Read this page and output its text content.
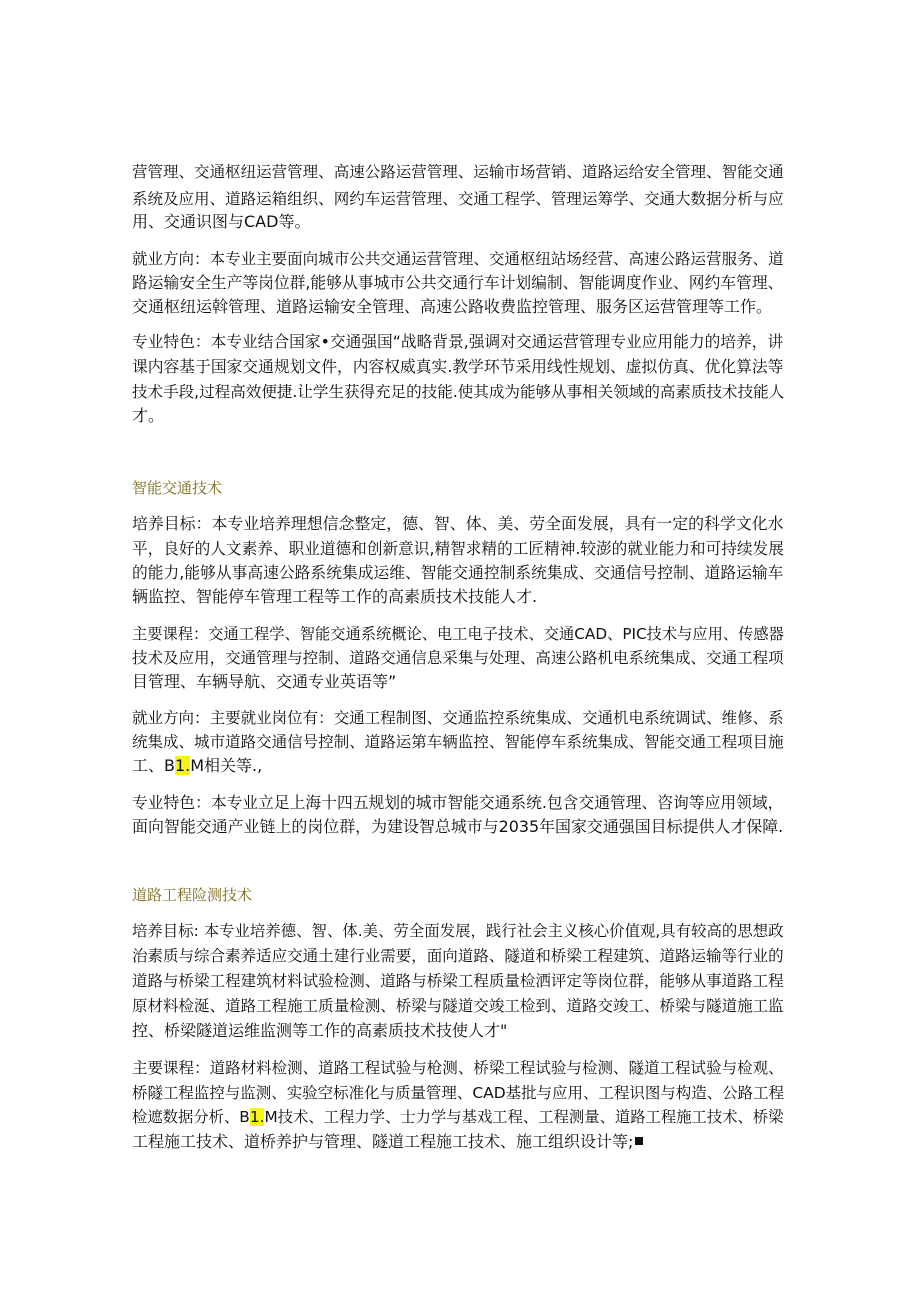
营管理、交通枢纽运营管理、高速公路运营管理、运输市场营销、道路运给安全管理、智能交通
系统及应用、道路运箱组织、网约车运营管理、交通工程学、管理运筹学、交通大数据分析与应
用、交通识图与CAD等。
就业方向：本专业主要面向城市公共交通运营管理、交通枢纽站场经营、高速公路运营服务、道
路运输安全生产等岗位群,能够从事城市公共交通行车计划编制、智能调度作业、网约车管理、
交通枢纽运斡管理、道路运输安全管理、高速公路收费监控管理、服务区运营管理等工作。
专业特色：本专业结合国家•交通强国“战略背景,强调对交通运营管理专业应用能力的培养，讲
课内容基于国家交通规划文件，内容权威真实.教学环节采用线性规划、虚拟仿真、优化算法等
技术手段,过程高效便捷.让学生获得充足的技能.使其成为能够从事相关领域的高素质技术技能人
才。
智能交通技术
培养目标：本专业培养理想信念整定，德、智、体、美、劳全面发展，具有一定的科学文化水
平，良好的人文素养、职业道德和创新意识,精智求精的工匠精神.较澎的就业能力和可持续发展
的能力,能够从事高速公路系统集成运维、智能交通控制系统集成、交通信号控制、道路运输车
辆监控、智能停车管理工程等工作的高素质技术技能人才.
主要课程：交通工程学、智能交通系统概论、电工电子技术、交通CAD、PIC技术与应用、传感器
技术及应用，交通管理与控制、道路交通信息采集与处理、高速公路机电系统集成、交通工程项
目管理、车辆导航、交通专业英语等”
就业方向：主要就业岗位有：交通工程制图、交通监控系统集成、交通机电系统调试、维修、系
统集成、城市道路交通信号控制、道路运第车辆监控、智能停车系统集成、智能交通工程项目施
工、B1.M相关等.,
专业特色：本专业立足上海十四五规划的城市智能交通系统.包含交通管理、咨询等应用领域，
面向智能交通产业链上的岗位群，为建设智总城市与2035年国家交通强国目标提供人才保障.
道路工程险测技术
培养目标: 本专业培养德、智、体.美、劳全面发展，践行社会主义核心价值观,具有较高的思想政
治素质与综合素养适应交通土建行业需要，面向道路、隧道和桥梁工程建筑、道路运输等行业的
道路与桥梁工程建筑材料试验检测、道路与桥梁工程质量检洒评定等岗位群，能够从事道路工程
原材料检涎、道路工程施工质量检测、桥梁与隧道交竣工检到、道路交竣工、桥梁与隧道施工监
控、桥梁隧道运维监测等工作的高素质技术技使人才"
主要课程：道路材料检测、道路工程试验与枪测、桥梁工程试验与检测、隧道工程试验与检观、
桥隧工程监控与监测、实验空标准化与质量管理、CAD基批与应用、工程识图与构造、公路工程
检遮数据分析、B1.M技术、工程力学、士力学与基戏工程、工程测量、道路工程施工技术、桥梁
工程施工技术、道桥养护与管理、隧道工程施工技术、施工组织设计等;
